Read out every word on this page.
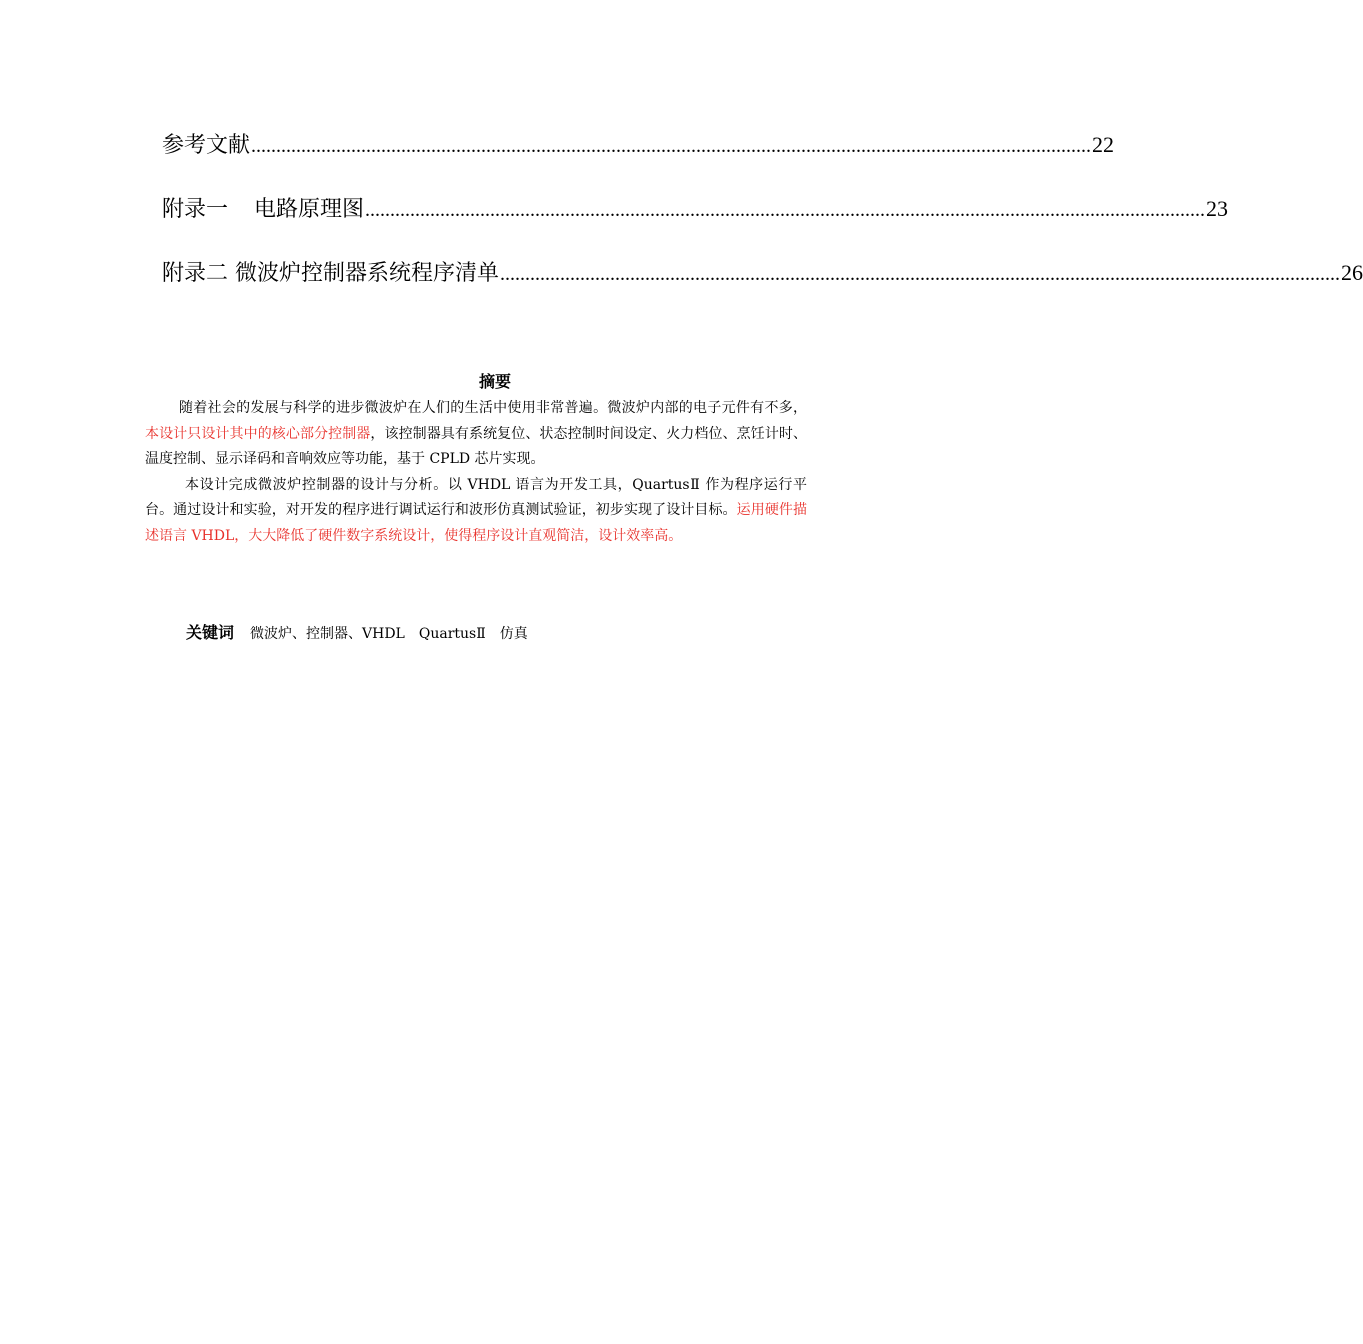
参考文献 ........................................................................................................................................................................ 22
附录一 电路原理图 ........................................................................................................................................................................ 23
附录二 微波炉控制器系统程序清单 ........................................................................................................................................................................ 26
摘要

随着社会的发展与科学的进步微波炉在人们的生活中使用非常普遍。微波炉内部的电子元件有不多，本设计只设计其中的核心部分控制器，该控制器具有系统复位、状态控制时间设定、火力档位、烹饪计时、温度控制、显示译码和音响效应等功能，基于 CPLD 芯片实现。

本设计完成微波炉控制器的设计与分析。以 VHDL 语言为开发工具，QuartusⅡ 作为程序运行平台。通过设计和实验，对开发的程序进行调试运行和波形仿真测试验证，初步实现了设计目标。运用硬件描述语言 VHDL，大大降低了硬件数字系统设计，使得程序设计直观简洁，设计效率高。

关键词 微波炉、控制器、VHDL　QuartusⅡ　仿真
